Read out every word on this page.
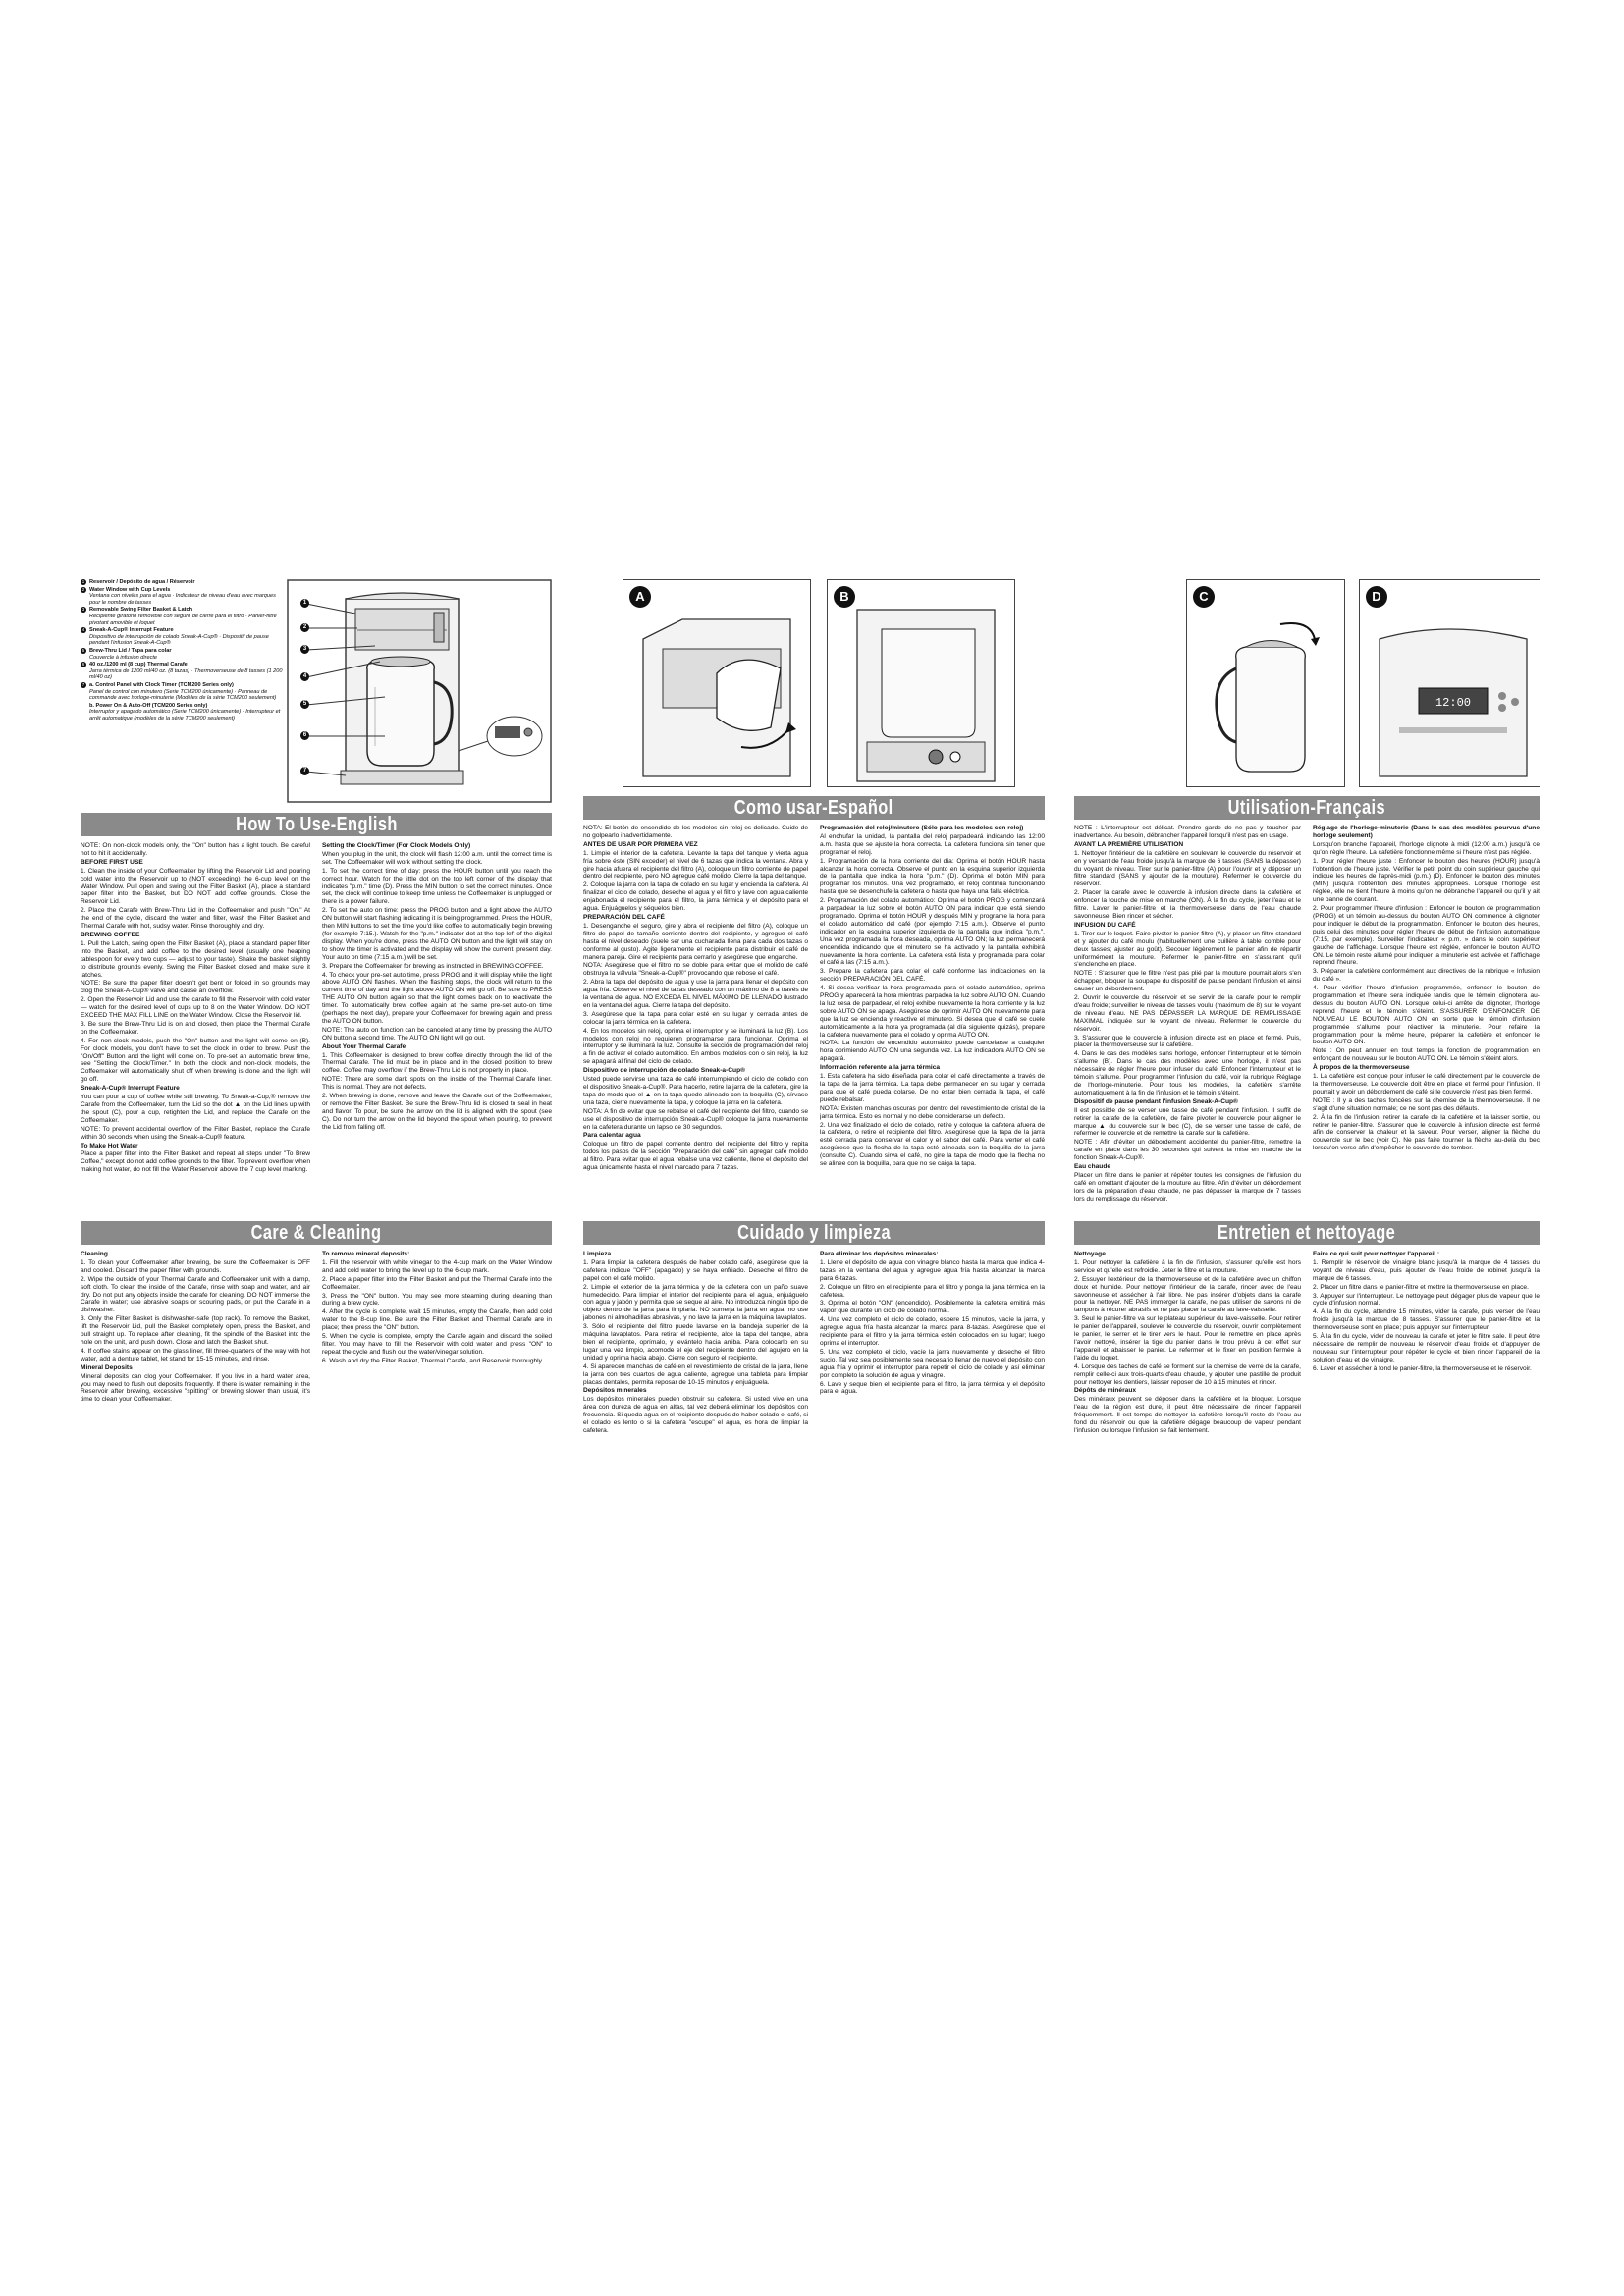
1 Reservoir / Depósito de agua / Réservoir
2 Water Window with Cup Levels
Ventana con niveles para el agua · Indicateur de niveau d'eau avec marques pour le nombre de tasses
3 Removable Swing Filter Basket & Latch
Recipiente giratorio removible con seguro de cierre para el filtro · Panier-filtre pivotant amovible et loquet
4 Sneak-A-Cup® Interrupt Feature
Dispositivo de interrupción de colado Sneak-A-Cup® · Dispositif de pause pendant l'infusion Sneak-A-Cup®
5 Brew-Thru Lid / Tapa para colar
Couvercle à infusion directe
6 40 oz./1200 ml (8 cup) Thermal Carafe
Jarra térmica de 1200 ml/40 oz. (8 tazas) · Thermoverseuse de 8 tasses (1 200 ml/40 oz)
7 a. Control Panel with Clock Timer (TCM200 Series only)
Panel de control con minutero (Serie TCM200 únicamente) · Panneau de commande avec horloge-minuterie (Modèles de la série TCM200 seulement)
b. Power On & Auto-Off (TCM200 Series only)
Interruptor y apagado automático (Serie TCM200 únicamente) · Interrupteur et arrêt automatique (modèles de la série TCM200 seulement)
1
2
3
4
5
6
7
How To Use-English

NOTE: On non-clock models only, the "On" button has a light touch. Be careful not to hit it accidentally.

BEFORE FIRST USE

1. Clean the inside of your Coffeemaker by lifting the Reservoir Lid and pouring cold water into the Reservoir up to (NOT exceeding) the 6-cup level on the Water Window. Pull open and swing out the Filter Basket (A), place a standard paper filter into the Basket, but DO NOT add coffee grounds. Close the Reservoir Lid.

2. Place the Carafe with Brew-Thru Lid in the Coffeemaker and push "On." At the end of the cycle, discard the water and filter, wash the Filter Basket and Thermal Carafe with hot, sudsy water. Rinse thoroughly and dry.

BREWING COFFEE

1. Pull the Latch, swing open the Filter Basket (A), place a standard paper filter into the Basket, and add coffee to the desired level (usually one heaping tablespoon for every two cups — adjust to your taste). Shake the basket slightly to distribute grounds evenly. Swing the Filter Basket closed and make sure it latches.

NOTE: Be sure the paper filter doesn't get bent or folded in so grounds may clog the Sneak-A-Cup® valve and cause an overflow.

2. Open the Reservoir Lid and use the carafe to fill the Reservoir with cold water — watch for the desired level of cups up to 8 on the Water Window. DO NOT EXCEED THE MAX FILL LINE on the Water Window. Close the Reservoir lid.

3. Be sure the Brew-Thru Lid is on and closed, then place the Thermal Carafe on the Coffeemaker.

4. For non-clock models, push the "On" button and the light will come on (B). For clock models, you don't have to set the clock in order to brew. Push the "On/Off" Button and the light will come on. To pre-set an automatic brew time, see "Setting the Clock/Timer." In both the clock and non-clock models, the Coffeemaker will automatically shut off when brewing is done and the light will go off.

Sneak-A-Cup® Interrupt Feature

You can pour a cup of coffee while still brewing. To Sneak-a-Cup,® remove the Carafe from the Coffeemaker, turn the Lid so the dot ▲ on the Lid lines up with the spout (C), pour a cup, retighten the Lid, and replace the Carafe on the Coffeemaker.

NOTE: To prevent accidental overflow of the Filter Basket, replace the Carafe within 30 seconds when using the Sneak-a-Cup® feature.

To Make Hot Water

Place a paper filter into the Filter Basket and repeat all steps under "To Brew Coffee," except do not add coffee grounds to the filter. To prevent overflow when making hot water, do not fill the Water Reservoir above the 7 cup level marking.

Setting the Clock/Timer (For Clock Models Only)

When you plug in the unit, the clock will flash 12:00 a.m. until the correct time is set. The Coffeemaker will work without setting the clock.

1. To set the correct time of day: press the HOUR button until you reach the correct hour. Watch for the little dot on the top left corner of the display that indicates "p.m." time (D). Press the MIN button to set the correct minutes. Once set, the clock will continue to keep time unless the Coffeemaker is unplugged or there is a power failure.

2. To set the auto on time: press the PROG button and a light above the AUTO ON button will start flashing indicating it is being programmed. Press the HOUR, then MIN buttons to set the time you'd like coffee to automatically begin brewing (for example 7:15.). Watch for the "p.m." indicator dot at the top left of the digital display. When you're done, press the AUTO ON button and the light will stay on to show the timer is activated and the display will show the current, present day. Your auto on time (7:15 a.m.) will be set.

3. Prepare the Coffeemaker for brewing as instructed in BREWING COFFEE.

4. To check your pre-set auto time, press PROG and it will display while the light above AUTO ON flashes. When the flashing stops, the clock will return to the current time of day and the light above AUTO ON will go off. Be sure to PRESS THE AUTO ON button again so that the light comes back on to reactivate the timer. To automatically brew coffee again at the same pre-set auto-on time (perhaps the next day), prepare your Coffeemaker for brewing again and press the AUTO ON button.

NOTE: The auto on function can be canceled at any time by pressing the AUTO ON button a second time. The AUTO ON light will go out.

About Your Thermal Carafe

1. This Coffeemaker is designed to brew coffee directly through the lid of the Thermal Carafe. The lid must be in place and in the closed position to brew coffee. Coffee may overflow if the Brew-Thru Lid is not properly in place.

NOTE: There are some dark spots on the inside of the Thermal Carafe liner. This is normal. They are not defects.

2. When brewing is done, remove and leave the Carafe out of the Coffeemaker, or remove the Filter Basket. Be sure the Brew-Thru lid is closed to seal in heat and flavor. To pour, be sure the arrow on the lid is aligned with the spout (see C). Do not turn the arrow on the lid beyond the spout when pouring, to prevent the Lid from falling off.

Care & Cleaning

Cleaning

1. To clean your Coffeemaker after brewing, be sure the Coffeemaker is OFF and cooled. Discard the paper filter with grounds.

2. Wipe the outside of your Thermal Carafe and Coffeemaker unit with a damp, soft cloth. To clean the inside of the Carafe, rinse with soap and water, and air dry. Do not put any objects inside the carafe for cleaning. DO NOT immerse the Carafe in water; use abrasive soaps or scouring pads, or put the Carafe in a dishwasher.

3. Only the Filter Basket is dishwasher-safe (top rack). To remove the Basket, lift the Reservoir Lid, pull the Basket completely open, press the Basket, and pull straight up. To replace after cleaning, fit the spindle of the Basket into the hole on the unit, and push down. Close and latch the Basket shut.

4. If coffee stains appear on the glass liner, fill three-quarters of the way with hot water, add a denture tablet, let stand for 15-15 minutes, and rinse.

Mineral Deposits

Mineral deposits can clog your Coffeemaker. If you live in a hard water area, you may need to flush out deposits frequently. If there is water remaining in the Reservoir after brewing, excessive "spitting" or brewing slower than usual, it's time to clean your Coffeemaker.

To remove mineral deposits:

1. Fill the reservoir with white vinegar to the 4-cup mark on the Water Window and add cold water to bring the level up to the 6-cup mark.

2. Place a paper filter into the Filter Basket and put the Thermal Carafe into the Coffeemaker.

3. Press the "ON" button. You may see more steaming during cleaning than during a brew cycle.

4. After the cycle is complete, wait 15 minutes, empty the Carafe, then add cold water to the 8-cup line. Be sure the Filter Basket and Thermal Carafe are in place; then press the "ON" button.

5. When the cycle is complete, empty the Carafe again and discard the soiled filter. You may have to fill the Reservoir with cold water and press "ON" to repeat the cycle and flush out the water/vinegar solution.

6. Wash and dry the Filter Basket, Thermal Carafe, and Reservoir thoroughly.

A	B
Como usar-Español

NOTA: El botón de encendido de los modelos sin reloj es delicado. Cuide de no golpearlo inadvertidamente.

ANTES DE USAR POR PRIMERA VEZ

1. Limpie el interior de la cafetera. Levante la tapa del tanque y vierta agua fría sobre éste (SIN exceder) el nivel de 6 tazas que indica la ventana. Abra y gire hacia afuera el recipiente del filtro (A), coloque un filtro corriente de papel dentro del recipiente, pero NO agregue café molido. Cierre la tapa del tanque.

2. Coloque la jarra con la tapa de colado en su lugar y encienda la cafetera. Al finalizar el ciclo de colado, deseche el agua y el filtro y lave con agua caliente enjabonada el recipiente para el filtro, la jarra térmica y el depósito para el agua. Enjuáguelos y séquelos bien.

PREPARACIÓN DEL CAFÉ

1. Desenganche el seguro, gire y abra el recipiente del filtro (A), coloque un filtro de papel de tamaño corriente dentro del recipiente, y agregue el café hasta el nivel deseado (suele ser una cucharada llena para cada dos tazas o conforme al gusto). Agite ligeramente el recipiente para distribuir el café de manera pareja. Gire el recipiente para cerrarlo y asegúrese que enganche.

NOTA: Asegúrese que el filtro no se doble para evitar que el molido de café obstruya la válvula "Sneak-a-Cup®" provocando que rebose el café.

2. Abra la tapa del depósito de agua y use la jarra para llenar el depósito con agua fría. Observe el nivel de tazas deseado con un máximo de 8 a través de la ventana del agua. NO EXCEDA EL NIVEL MÁXIMO DE LLENADO ilustrado en la ventana del agua. Cierre la tapa del depósito.

3. Asegúrese que la tapa para colar esté en su lugar y cerrada antes de colocar la jarra térmica en la cafetera.

4. En los modelos sin reloj, oprima el interruptor y se iluminará la luz (B). Los modelos con reloj no requieren programarse para funcionar. Oprima el interruptor y se iluminará la luz. Consulte la sección de programación del reloj a fin de activar el colado automático. En ambos modelos con o sin reloj, la luz se apagará al final del ciclo de colado.

Dispositivo de interrupción de colado Sneak-a-Cup®

Usted puede servirse una taza de café interrumpiendo el ciclo de colado con el dispositivo Sneak-a-Cup®. Para hacerlo, retire la jarra de la cafetera, gire la tapa de modo que el ▲ en la tapa quede alineado con la boquilla (C), sírvase una taza, cierre nuevamente la tapa, y coloque la jarra en la cafetera.

NOTA: A fin de evitar que se rebalse el café del recipiente del filtro, cuando se use el dispositivo de interrupción Sneak-a-Cup® coloque la jarra nuevamente en la cafetera durante un lapso de 30 segundos.

Para calentar agua

Coloque un filtro de papel corriente dentro del recipiente del filtro y repita todos los pasos de la sección "Preparación del café" sin agregar café molido al filtro. Para evitar que el agua rebalse una vez caliente, llene el depósito del agua únicamente hasta el nivel marcado para 7 tazas.

Programación del reloj/minutero (Sólo para los modelos con reloj)

Al enchufar la unidad, la pantalla del reloj parpadeará indicando las 12:00 a.m. hasta que se ajuste la hora correcta. La cafetera funciona sin tener que programar el reloj.

1. Programación de la hora corriente del día: Oprima el botón HOUR hasta alcanzar la hora correcta. Observe el punto en la esquina superior izquierda de la pantalla que indica la hora "p.m." (D). Oprima el botón MIN para programar los minutos. Una vez programado, el reloj continúa funcionando hasta que se desenchufe la cafetera o hasta que haya una falla eléctrica.

2. Programación del colado automático: Oprima el botón PROG y comenzará a parpadear la luz sobre el botón AUTO ON para indicar que está siendo programado. Oprima el botón HOUR y después MIN y programe la hora para el colado automático del café (por ejemplo 7:15 a.m.). Observe el punto indicador en la esquina superior izquierda de la pantalla que indica "p.m.". Una vez programada la hora deseada, oprima AUTO ON; la luz permanecerá encendida indicando que el minutero se ha activado y la pantalla exhibirá nuevamente la hora corriente. La cafetera está lista y programada para colar el café a las (7:15 a.m.).

3. Prepare la cafetera para colar el café conforme las indicaciones en la sección PREPARACIÓN DEL CAFÉ.

4. Si desea verificar la hora programada para el colado automático, oprima PROG y aparecerá la hora mientras parpadea la luz sobre AUTO ON. Cuando la luz cesa de parpadear, el reloj exhibe nuevamente la hora corriente y la luz sobre AUTO ON se apaga. Asegúrese de oprimir AUTO ON nuevamente para que la luz se encienda y reactive el minutero. Si desea que el café se cuele automáticamente a la hora ya programada (al día siguiente quizás), prepare la cafetera nuevamente para el colado y oprima AUTO ON.

NOTA: La función de encendido automático puede cancelarse a cualquier hora oprimiendo AUTO ON una segunda vez. La luz indicadora AUTO ON se apagará.

Información referente a la jarra térmica

1. Esta cafetera ha sido diseñada para colar el café directamente a través de la tapa de la jarra térmica. La tapa debe permanecer en su lugar y cerrada para que el café pueda colarse. De no estar bien cerrada la tapa, el café puede rebalsar.

NOTA: Existen manchas oscuras por dentro del revestimiento de cristal de la jarra térmica. Esto es normal y no debe considerarse un defecto.

2. Una vez finalizado el ciclo de colado, retire y coloque la cafetera afuera de la cafetera, o retire el recipiente del filtro. Asegúrese que la tapa de la jarra esté cerrada para conservar el calor y el sabor del café. Para verter el café asegúrese que la flecha de la tapa esté alineada con la boquilla de la jarra (consulte C). Cuando sirva el café, no gire la tapa de modo que la flecha no se alinee con la boquilla, para que no se caiga la tapa.

Cuidado y limpieza

Limpieza

1. Para limpiar la cafetera después de haber colado café, asegúrese que la cafetera indique "OFF" (apagado) y se haya enfriado. Deseche el filtro de papel con el café molido.

2. Limpie el exterior de la jarra térmica y de la cafetera con un paño suave humedecido. Para limpiar el interior del recipiente para el agua, enjuáguelo con agua y jabón y permita que se seque al aire. No introduzca ningún tipo de objeto dentro de la jarra para limpiarla. NO sumerja la jarra en agua, no use jabones ni almohadillas abrasivas, y no lave la jarra en la máquina lavaplatos.

3. Sólo el recipiente del filtro puede lavarse en la bandeja superior de la máquina lavaplatos. Para retirar el recipiente, alce la tapa del tanque, abra bien el recipiente, oprímalo, y levántelo hacia arriba. Para colocarlo en su lugar una vez limpio, acomode el eje del recipiente dentro del agujero en la unidad y oprima hacia abajo. Cierre con seguro el recipiente.

4. Si aparecen manchas de café en el revestimiento de cristal de la jarra, llene la jarra con tres cuartos de agua caliente, agregue una tableta para limpiar placas dentales, permita reposar de 10-15 minutos y enjuáguela.

Depósitos minerales

Los depósitos minerales pueden obstruir su cafetera. Si usted vive en una área con dureza de agua en altas, tal vez deberá eliminar los depósitos con frecuencia. Si queda agua en el recipiente después de haber colado el café, si el colado es lento o si la cafetera "escupe" el agua, es hora de limpiar la cafetera.

Para eliminar los depósitos minerales:

1. Llene el depósito de agua con vinagre blanco hasta la marca que indica 4-tazas en la ventana del agua y agregue agua fría hasta alcanzar la marca para 6-tazas.

2. Coloque un filtro en el recipiente para el filtro y ponga la jarra térmica en la cafetera.

3. Oprima el botón "ON" (encendido). Posiblemente la cafetera emitirá más vapor que durante un ciclo de colado normal.

4. Una vez completo el ciclo de colado, espere 15 minutos, vacíe la jarra, y agregue agua fría hasta alcanzar la marca para 8-tazas. Asegúrese que el recipiente para el filtro y la jarra térmica estén colocados en su lugar; luego oprima el interruptor.

5. Una vez completo el ciclo, vacíe la jarra nuevamente y deseche el filtro sucio. Tal vez sea posiblemente sea necesario llenar de nuevo el depósito con agua fría y oprimir el interruptor para repetir el ciclo de colado y así eliminar por completo la solución de agua y vinagre.

6. Lave y seque bien el recipiente para el filtro, la jarra térmica y el depósito para el agua.

C	D
12:00
Utilisation-Français

NOTE : L'interrupteur est délicat. Prendre garde de ne pas y toucher par inadvertance. Au besoin, débrancher l'appareil lorsqu'il n'est pas en usage.

AVANT LA PREMIÈRE UTILISATION

1. Nettoyer l'intérieur de la cafetière en soulevant le couvercle du réservoir et en y versant de l'eau froide jusqu'à la marque de 6 tasses (SANS la dépasser) du voyant de niveau. Tirer sur le panier-filtre (A) pour l'ouvrir et y déposer un filtre standard (SANS y ajouter de la mouture). Refermer le couvercle du réservoir.

2. Placer la carafe avec le couvercle à infusion directe dans la cafetière et enfoncer la touche de mise en marche (ON). À la fin du cycle, jeter l'eau et le filtre. Laver le panier-filtre et la thermoverseuse dans de l'eau chaude savonneuse. Bien rincer et sécher.

INFUSION DU CAFÉ

1. Tirer sur le loquet. Faire pivoter le panier-filtre (A), y placer un filtre standard et y ajouter du café moulu (habituellement une cuillère à table comble pour deux tasses; ajuster au goût). Secouer légèrement le panier afin de répartir uniformément la mouture. Refermer le panier-filtre en s'assurant qu'il s'enclenche en place.

NOTE : S'assurer que le filtre n'est pas plié par la mouture pourrait alors s'en échapper, bloquer la soupape du dispositif de pause pendant l'infusion et ainsi causer un débordement.

2. Ouvrir le couvercle du réservoir et se servir de la carafe pour le remplir d'eau froide; surveiller le niveau de tasses voulu (maximum de 8) sur le voyant de niveau d'eau. NE PAS DÉPASSER LA MARQUE DE REMPLISSAGE MAXIMAL indiquée sur le voyant de niveau. Refermer le couvercle du réservoir.

3. S'assurer que le couvercle à infusion directe est en place et fermé. Puis, placer la thermoverseuse sur la cafetière.

4. Dans le cas des modèles sans horloge, enfoncer l'interrupteur et le témoin s'allume (B). Dans le cas des modèles avec une horloge, il n'est pas nécessaire de régler l'heure pour infuser du café. Enfoncer l'interrupteur et le témoin s'allume. Pour programmer l'infusion du café, voir la rubrique Réglage de l'horloge-minuterie. Pour tous les modèles, la cafetière s'arrête automatiquement à la fin de l'infusion et le témoin s'éteint.

Dispositif de pause pendant l'infusion Sneak-A-Cup®

Il est possible de se verser une tasse de café pendant l'infusion. Il suffit de retirer la carafe de la cafetière, de faire pivoter le couvercle pour aligner le marque ▲ du couvercle sur le bec (C), de se verser une tasse de café, de refermer le couvercle et de remettre la carafe sur la cafetière.

NOTE : Afin d'éviter un débordement accidentel du panier-filtre, remettre la carafe en place dans les 30 secondes qui suivent la mise en marche de la fonction Sneak-A-Cup®.

Eau chaude

Placer un filtre dans le panier et répéter toutes les consignes de l'infusion du café en omettant d'ajouter de la mouture au filtre. Afin d'éviter un débordement lors de la préparation d'eau chaude, ne pas dépasser la marque de 7 tasses lors du remplissage du réservoir.

Réglage de l'horloge-minuterie (Dans le cas des modèles pourvus d'une horloge seulement)

Lorsqu'on branche l'appareil, l'horloge clignote à midi (12:00 a.m.) jusqu'à ce qu'on règle l'heure. La cafetière fonctionne même si l'heure n'est pas réglée.

1. Pour régler l'heure juste : Enfoncer le bouton des heures (HOUR) jusqu'à l'obtention de l'heure juste. Vérifier le petit point du coin supérieur gauche qui indique les heures de l'après-midi (p.m.) (D). Enfoncer le bouton des minutes (MIN) jusqu'à l'obtention des minutes appropriées. Lorsque l'horloge est réglée, elle ne tient l'heure à moins qu'on ne débranche l'appareil ou qu'il y ait une panne de courant.

2. Pour programmer l'heure d'infusion : Enfoncer le bouton de programmation (PROG) et un témoin au-dessus du bouton AUTO ON commence à clignoter pour indiquer le début de la programmation. Enfoncer le bouton des heures, puis celui des minutes pour régler l'heure de début de l'infusion automatique (7:15, par exemple). Surveiller l'indicateur « p.m. » dans le coin supérieur gauche de l'affichage. Lorsque l'heure est réglée, enfoncer le bouton AUTO ON. Le témoin reste allumé pour indiquer la minuterie est activée et l'affichage reprend l'heure.

3. Préparer la cafetière conformément aux directives de la rubrique « Infusion du café ».

4. Pour vérifier l'heure d'infusion programmée, enfoncer le bouton de programmation et l'heure sera indiquée tandis que le témoin clignotera au-dessus du bouton AUTO ON. Lorsque celui-ci arrête de clignoter, l'horloge reprend l'heure et le témoin s'éteint. S'ASSURER D'ENFONCER DE NOUVEAU LE BOUTON AUTO ON en sorte que le témoin d'infusion programmée s'allume pour réactiver la minuterie. Pour refaire la programmation pour la même heure, préparer la cafetière et enfoncer le bouton AUTO ON.

Note : On peut annuler en tout temps la fonction de programmation en enfonçant de nouveau sur le bouton AUTO ON. Le témoin s'éteint alors.

À propos de la thermoverseuse

1. La cafetière est conçue pour infuser le café directement par le couvercle de la thermoverseuse. Le couvercle doit être en place et fermé pour l'infusion. Il pourrait y avoir un débordement de café si le couvercle n'est pas bien fermé.

NOTE : Il y a des taches foncées sur la chemise de la thermoverseuse. Il ne s'agit d'une situation normale; ce ne sont pas des défauts.

2. À la fin de l'infusion, retirer la carafe de la cafetière et la laisser sortie, ou retirer le panier-filtre. S'assurer que le couvercle à infusion directe est fermé afin de conserver la chaleur et la saveur. Pour verser, aligner la flèche du couvercle sur le bec (voir C). Ne pas faire tourner la flèche au-delà du bec lorsqu'on verse afin d'empêcher le couvercle de tomber.

Entretien et nettoyage

Nettoyage

1. Pour nettoyer la cafetière à la fin de l'infusion, s'assurer qu'elle est hors service et qu'elle est refroidie. Jeter le filtre et la mouture.

2. Essuyer l'extérieur de la thermoverseuse et de la cafetière avec un chiffon doux et humide. Pour nettoyer l'intérieur de la carafe, rincer avec de l'eau savonneuse et assécher à l'air libre. Ne pas insérer d'objets dans la carafe pour la nettoyer. NE PAS immerger la carafe, ne pas utiliser de savons ni de tampons à récurer abrasifs et ne pas placer la carafe au lave-vaisselle.

3. Seul le panier-filtre va sur le plateau supérieur du lave-vaisselle. Pour retirer le panier de l'appareil, soulever le couvercle du réservoir, ouvrir complètement le panier, le serrer et le tirer vers le haut. Pour le remettre en place après l'avoir nettoyé, insérer la tige du panier dans le trou prévu à cet effet sur l'appareil et abaisser le panier. Le refermer et le fixer en position fermée à l'aide du loquet.

4. Lorsque des taches de café se forment sur la chemise de verre de la carafe, remplir celle-ci aux trois-quarts d'eau chaude, y ajouter une pastille de produit pour nettoyer les dentiers, laisser reposer de 10 à 15 minutes et rincer.

Dépôts de minéraux

Des minéraux peuvent se déposer dans la cafetière et la bloquer. Lorsque l'eau de la région est dure, il peut être nécessaire de rincer l'appareil fréquemment. Il est temps de nettoyer la cafetière lorsqu'il reste de l'eau au fond du réservoir ou que la cafetière dégage beaucoup de vapeur pendant l'infusion ou lorsque l'infusion se fait lentement.

Faire ce qui suit pour nettoyer l'appareil :

1. Remplir le réservoir de vinaigre blanc jusqu'à la marque de 4 tasses du voyant de niveau d'eau, puis ajouter de l'eau froide de robinet jusqu'à la marque de 6 tasses.

2. Placer un filtre dans le panier-filtre et mettre la thermoverseuse en place.

3. Appuyer sur l'interrupteur. Le nettoyage peut dégager plus de vapeur que le cycle d'infusion normal.

4. À la fin du cycle, attendre 15 minutes, vider la carafe, puis verser de l'eau froide jusqu'à la marque de 8 tasses. S'assurer que le panier-filtre et la thermoverseuse sont en place; puis appuyer sur l'interrupteur.

5. À la fin du cycle, vider de nouveau la carafe et jeter le filtre sale. Il peut être nécessaire de remplir de nouveau le réservoir d'eau froide et d'appuyer de nouveau sur l'interrupteur pour répéter le cycle et bien rincer l'appareil de la solution d'eau et de vinaigre.

6. Laver et assécher à fond le panier-filtre, la thermoverseuse et le réservoir.
